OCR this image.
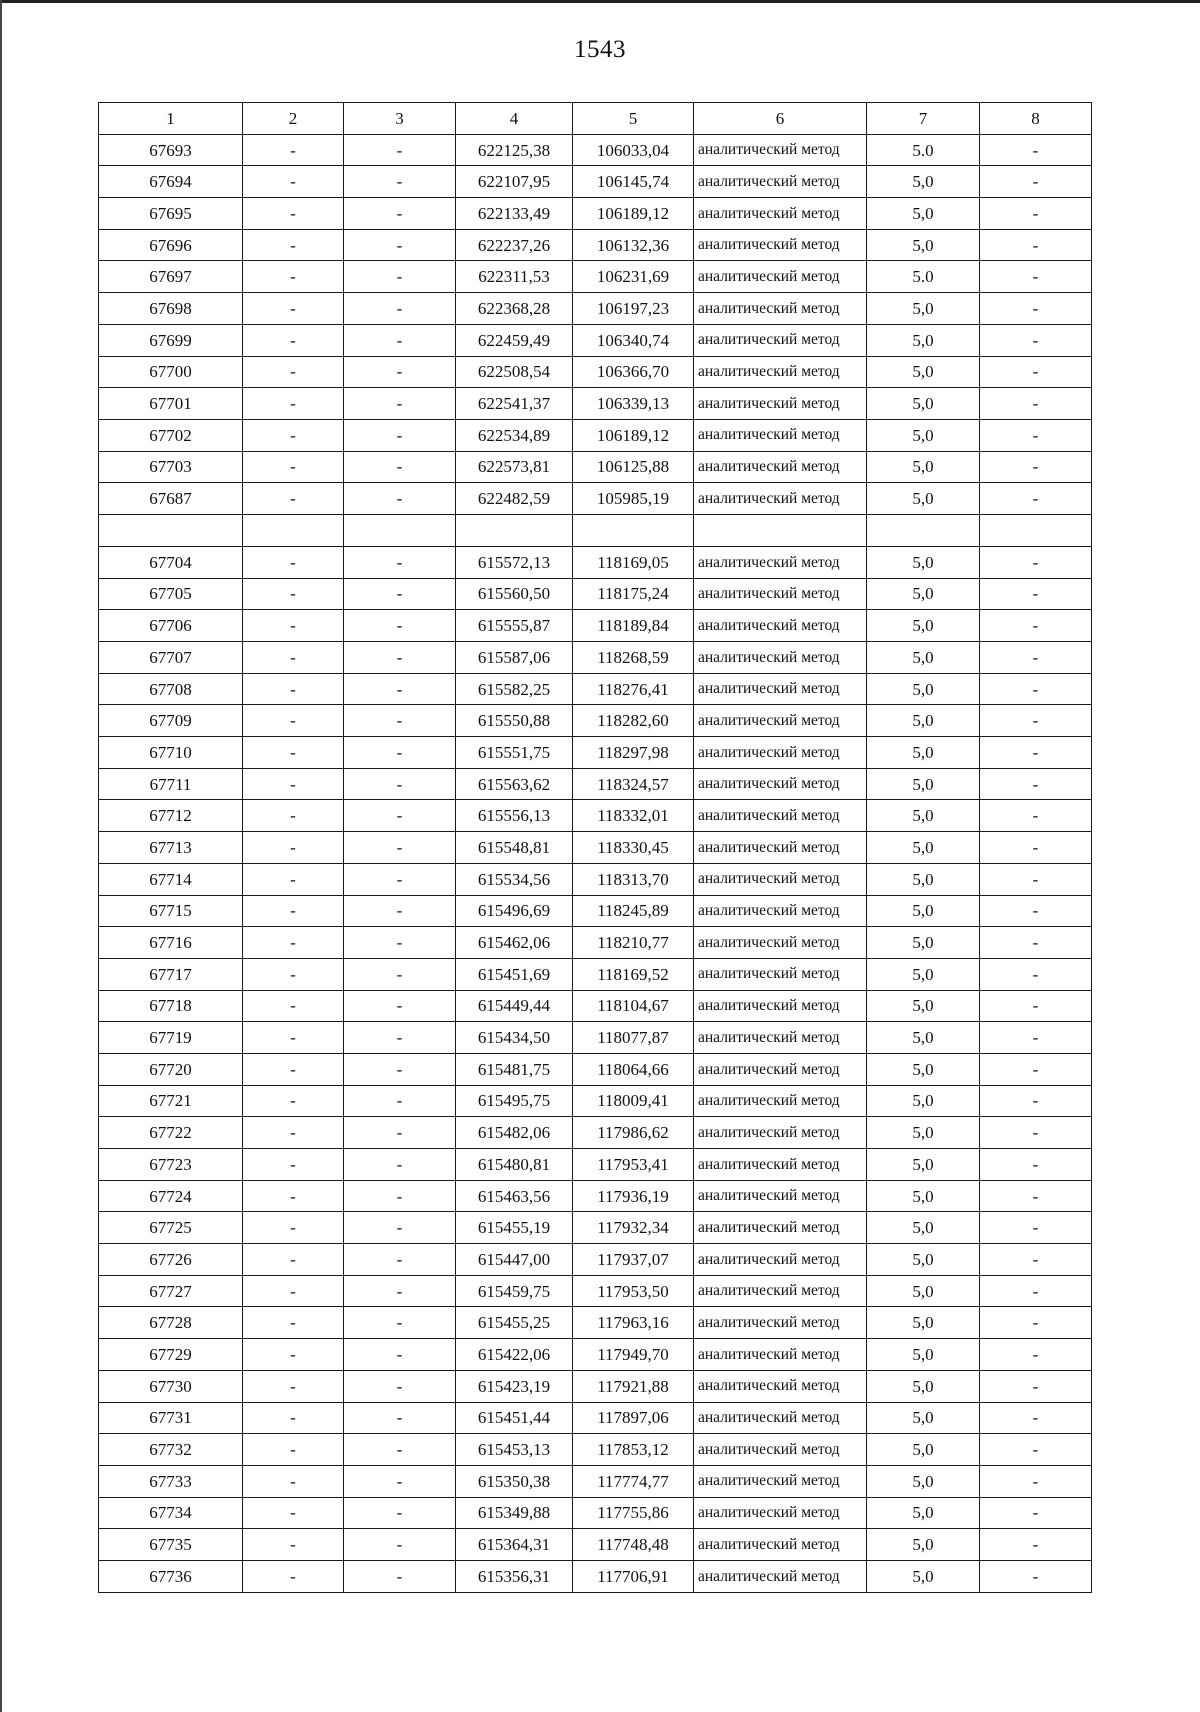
1543
1	2	3	4	5	6	7	8
67693	-	-	622125,38	106033,04	аналитический метод	5.0	-
67694	-	-	622107,95	106145,74	аналитический метод	5,0	-
67695	-	-	622133,49	106189,12	аналитический метод	5,0	-
67696	-	-	622237,26	106132,36	аналитический метод	5,0	-
67697	-	-	622311,53	106231,69	аналитический метод	5.0	-
67698	-	-	622368,28	106197,23	аналитический метод	5,0	-
67699	-	-	622459,49	106340,74	аналитический метод	5,0	-
67700	-	-	622508,54	106366,70	аналитический метод	5,0	-
67701	-	-	622541,37	106339,13	аналитический метод	5,0	-
67702	-	-	622534,89	106189,12	аналитический метод	5,0	-
67703	-	-	622573,81	106125,88	аналитический метод	5,0	-
67687	-	-	622482,59	105985,19	аналитический метод	5,0	-

67704	-	-	615572,13	118169,05	аналитический метод	5,0	-
67705	-	-	615560,50	118175,24	аналитический метод	5,0	-
67706	-	-	615555,87	118189,84	аналитический метод	5,0	-
67707	-	-	615587,06	118268,59	аналитический метод	5,0	-
67708	-	-	615582,25	118276,41	аналитический метод	5,0	-
67709	-	-	615550,88	118282,60	аналитический метод	5,0	-
67710	-	-	615551,75	118297,98	аналитический метод	5,0	-
67711	-	-	615563,62	118324,57	аналитический метод	5,0	-
67712	-	-	615556,13	118332,01	аналитический метод	5,0	-
67713	-	-	615548,81	118330,45	аналитический метод	5,0	-
67714	-	-	615534,56	118313,70	аналитический метод	5,0	-
67715	-	-	615496,69	118245,89	аналитический метод	5,0	-
67716	-	-	615462,06	118210,77	аналитический метод	5,0	-
67717	-	-	615451,69	118169,52	аналитический метод	5,0	-
67718	-	-	615449,44	118104,67	аналитический метод	5,0	-
67719	-	-	615434,50	118077,87	аналитический метод	5,0	-
67720	-	-	615481,75	118064,66	аналитический метод	5,0	-
67721	-	-	615495,75	118009,41	аналитический метод	5,0	-
67722	-	-	615482,06	117986,62	аналитический метод	5,0	-
67723	-	-	615480,81	117953,41	аналитический метод	5,0	-
67724	-	-	615463,56	117936,19	аналитический метод	5,0	-
67725	-	-	615455,19	117932,34	аналитический метод	5,0	-
67726	-	-	615447,00	117937,07	аналитический метод	5,0	-
67727	-	-	615459,75	117953,50	аналитический метод	5,0	-
67728	-	-	615455,25	117963,16	аналитический метод	5,0	-
67729	-	-	615422,06	117949,70	аналитический метод	5,0	-
67730	-	-	615423,19	117921,88	аналитический метод	5,0	-
67731	-	-	615451,44	117897,06	аналитический метод	5,0	-
67732	-	-	615453,13	117853,12	аналитический метод	5,0	-
67733	-	-	615350,38	117774,77	аналитический метод	5,0	-
67734	-	-	615349,88	117755,86	аналитический метод	5,0	-
67735	-	-	615364,31	117748,48	аналитический метод	5,0	-
67736	-	-	615356,31	117706,91	аналитический метод	5,0	-
